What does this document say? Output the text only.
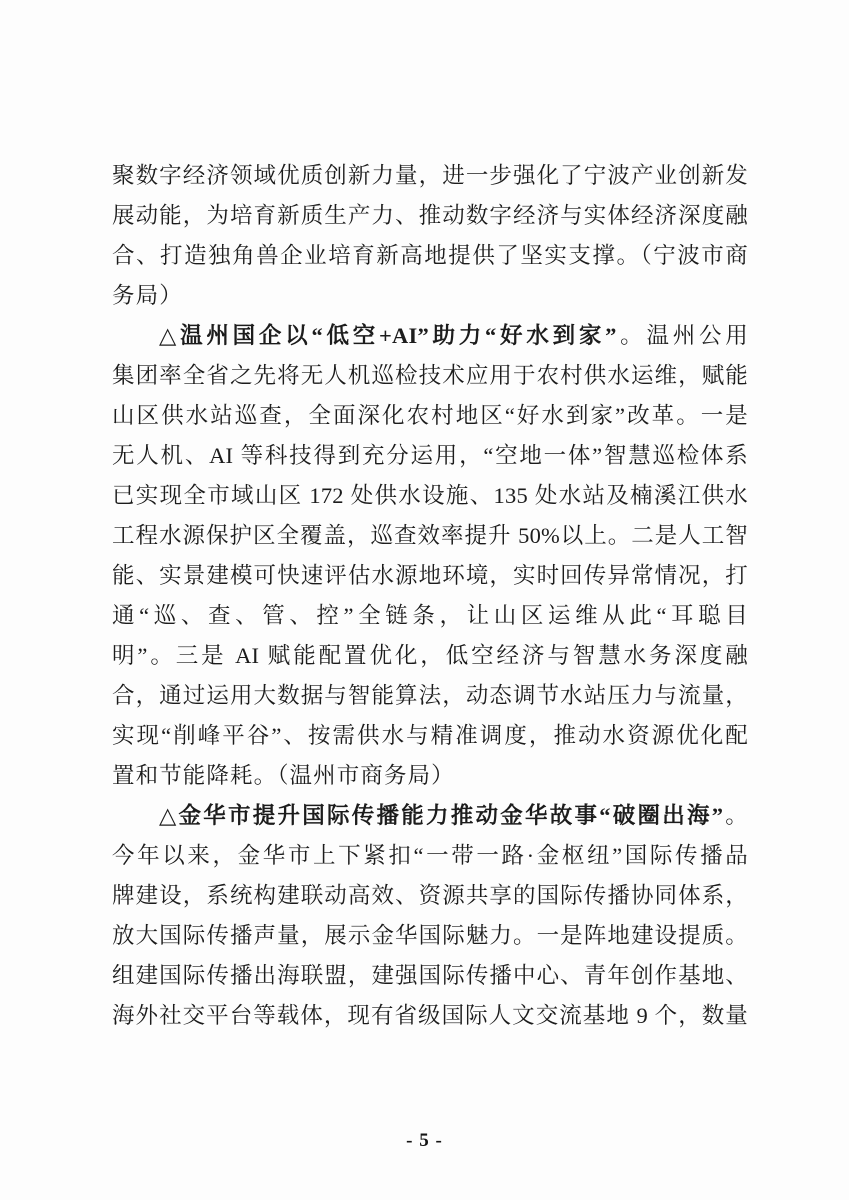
聚数字经济领域优质创新力量，进一步强化了宁波产业创新发
展动能，为培育新质生产力、推动数字经济与实体经济深度融
合、打造独角兽企业培育新高地提供了坚实支撑。（宁波市商
务局）
△温州国企以“低空+AI”助力“好水到家”。温州公用
集团率全省之先将无人机巡检技术应用于农村供水运维，赋能
山区供水站巡查，全面深化农村地区“好水到家”改革。一是
无人机、AI 等科技得到充分运用，“空地一体”智慧巡检体系
已实现全市域山区 172 处供水设施、135 处水站及楠溪江供水
工程水源保护区全覆盖，巡查效率提升 50%以上。二是人工智
能、实景建模可快速评估水源地环境，实时回传异常情况，打
通“巡、查、管、控”全链条，让山区运维从此“耳聪目
明”。三是 AI 赋能配置优化，低空经济与智慧水务深度融
合，通过运用大数据与智能算法，动态调节水站压力与流量，
实现“削峰平谷”、按需供水与精准调度，推动水资源优化配
置和节能降耗。（温州市商务局）
△金华市提升国际传播能力推动金华故事“破圈出海”。
今年以来，金华市上下紧扣“一带一路·金枢纽”国际传播品
牌建设，系统构建联动高效、资源共享的国际传播协同体系，
放大国际传播声量，展示金华国际魅力。一是阵地建设提质。
组建国际传播出海联盟，建强国际传播中心、青年创作基地、
海外社交平台等载体，现有省级国际人文交流基地 9 个，数量
- 5 -
